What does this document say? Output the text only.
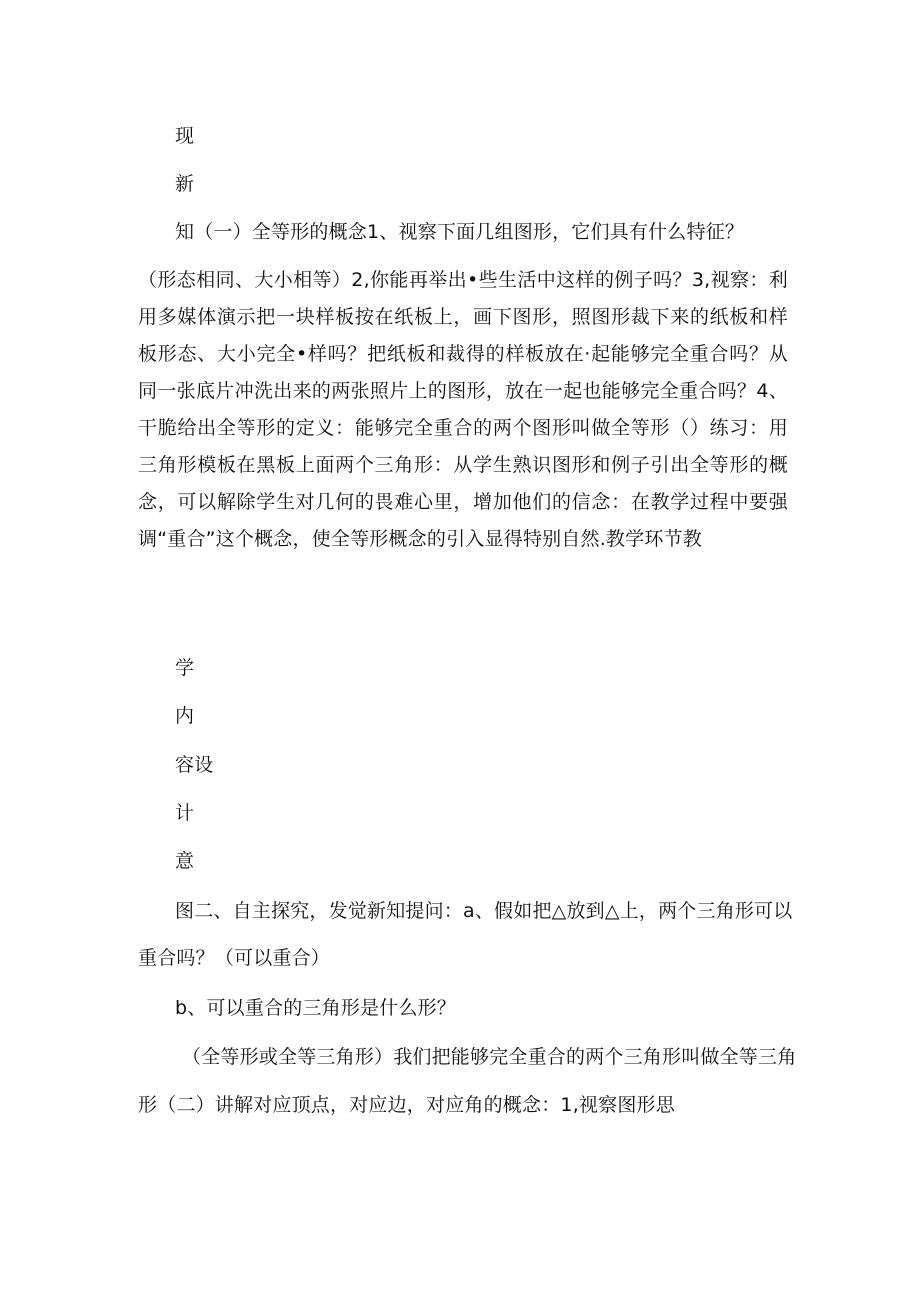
现
新
知（一）全等形的概念1、视察下面几组图形，它们具有什么特征？
（形态相同、大小相等）2,你能再举出•些生活中这样的例子吗？3,视察：利用多媒体演示把一块样板按在纸板上，画下图形，照图形裁下来的纸板和样板形态、大小完全•样吗？把纸板和裁得的样板放在·起能够完全重合吗？从同一张底片冲洗出来的两张照片上的图形，放在一起也能够完全重合吗？4、干脆给出全等形的定义：能够完全重合的两个图形叫做全等形（）练习：用三角形模板在黑板上面两个三角形：从学生熟识图形和例子引出全等形的概念，可以解除学生对几何的畏难心里，增加他们的信念：在教学过程中要强调“重合”这个概念，使全等形概念的引入显得特别自然.教学环节教
学
内
容设
计
意
图二、自主探究，发觉新知提问：a、假如把△放到△上，两个三角形可以
重合吗？（可以重合）
b、可以重合的三角形是什么形？
（全等形或全等三角形）我们把能够完全重合的两个三角形叫做全等三角
形（二）讲解对应顶点，对应边，对应角的概念：1,视察图形思
